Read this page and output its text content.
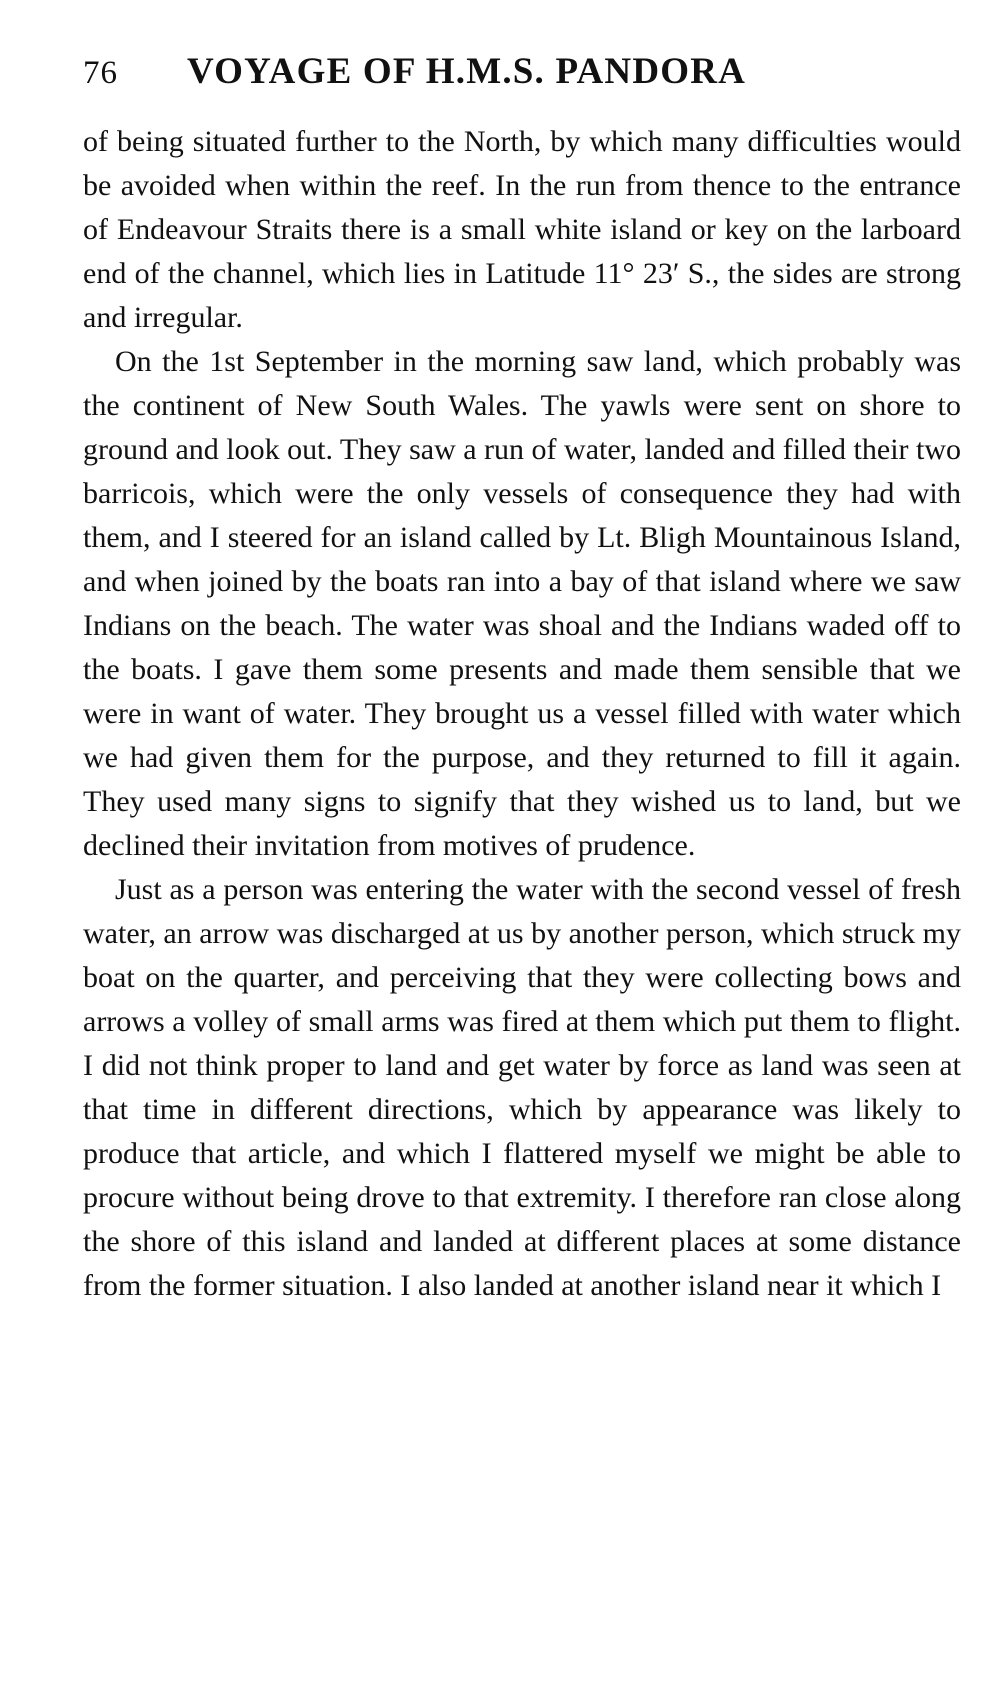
76	VOYAGE OF H.M.S. PANDORA

of being situated further to the North, by which many difficulties would be avoided when within the reef. In the run from thence to the entrance of Endeavour Straits there is a small white island or key on the larboard end of the channel, which lies in Latitude 11° 23′ S., the sides are strong and irregular.

On the 1st September in the morning saw land, which probably was the continent of New South Wales. The yawls were sent on shore to ground and look out. They saw a run of water, landed and filled their two barricois, which were the only vessels of consequence they had with them, and I steered for an island called by Lt. Bligh Mountainous Island, and when joined by the boats ran into a bay of that island where we saw Indians on the beach. The water was shoal and the Indians waded off to the boats. I gave them some presents and made them sensible that we were in want of water. They brought us a vessel filled with water which we had given them for the purpose, and they returned to fill it again. They used many signs to signify that they wished us to land, but we declined their invitation from motives of prudence.

Just as a person was entering the water with the second vessel of fresh water, an arrow was discharged at us by another person, which struck my boat on the quarter, and perceiving that they were collecting bows and arrows a volley of small arms was fired at them which put them to flight. I did not think proper to land and get water by force as land was seen at that time in different directions, which by appearance was likely to produce that article, and which I flattered myself we might be able to procure without being drove to that extremity. I therefore ran close along the shore of this island and landed at different places at some distance from the former situation. I also landed at another island near it which I
